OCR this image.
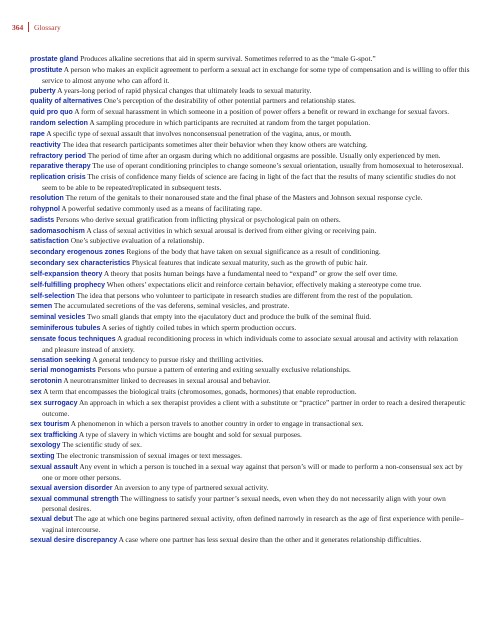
364 Glossary

prostate gland Produces alkaline secretions that aid in sperm survival. Sometimes referred to as the “male G-spot.”

prostitute A person who makes an explicit agreement to perform a sexual act in exchange for some type of compensation and is willing to offer this service to almost anyone who can afford it.

puberty A years-long period of rapid physical changes that ultimately leads to sexual maturity.

quality of alternatives One’s perception of the desirability of other potential partners and relationship states.

quid pro quo A form of sexual harassment in which someone in a position of power offers a benefit or reward in exchange for sexual favors.

random selection A sampling procedure in which participants are recruited at random from the target population.

rape A specific type of sexual assault that involves nonconsensual penetration of the vagina, anus, or mouth.

reactivity The idea that research participants sometimes alter their behavior when they know others are watching.

refractory period The period of time after an orgasm during which no additional orgasms are possible. Usually only experienced by men.

reparative therapy The use of operant conditioning principles to change someone’s sexual orientation, usually from homosexual to heterosexual.

replication crisis The crisis of confidence many fields of science are facing in light of the fact that the results of many scientific studies do not seem to be able to be repeated/replicated in subsequent tests.

resolution The return of the genitals to their nonaroused state and the final phase of the Masters and Johnson sexual response cycle.

rohypnol A powerful sedative commonly used as a means of facilitating rape.

sadists Persons who derive sexual gratification from inflicting physical or psychological pain on others.

sadomasochism A class of sexual activities in which sexual arousal is derived from either giving or receiving pain.

satisfaction One’s subjective evaluation of a relationship.

secondary erogenous zones Regions of the body that have taken on sexual significance as a result of conditioning.

secondary sex characteristics Physical features that indicate sexual maturity, such as the growth of pubic hair.

self-expansion theory A theory that posits human beings have a fundamental need to “expand” or grow the self over time.

self-fulfilling prophecy When others’ expectations elicit and reinforce certain behavior, effectively making a stereotype come true.

self-selection The idea that persons who volunteer to participate in research studies are different from the rest of the population.

semen The accumulated secretions of the vas deferens, seminal vesicles, and prostrate.

seminal vesicles Two small glands that empty into the ejaculatory duct and produce the bulk of the seminal fluid.

seminiferous tubules A series of tightly coiled tubes in which sperm production occurs.

sensate focus techniques A gradual reconditioning process in which individuals come to associate sexual arousal and activity with relaxation and pleasure instead of anxiety.

sensation seeking A general tendency to pursue risky and thrilling activities.

serial monogamists Persons who pursue a pattern of entering and exiting sexually exclusive relationships.

serotonin A neurotransmitter linked to decreases in sexual arousal and behavior.

sex A term that encompasses the biological traits (chromosomes, gonads, hormones) that enable reproduction.

sex surrogacy An approach in which a sex therapist provides a client with a substitute or “practice” partner in order to reach a desired therapeutic outcome.

sex tourism A phenomenon in which a person travels to another country in order to engage in transactional sex.

sex trafficking A type of slavery in which victims are bought and sold for sexual purposes.

sexology The scientific study of sex.

sexting The electronic transmission of sexual images or text messages.

sexual assault Any event in which a person is touched in a sexual way against that person’s will or made to perform a non-consensual sex act by one or more other persons.

sexual aversion disorder An aversion to any type of partnered sexual activity.

sexual communal strength The willingness to satisfy your partner’s sexual needs, even when they do not necessarily align with your own personal desires.

sexual debut The age at which one begins partnered sexual activity, often defined narrowly in research as the age of first experience with penile–vaginal intercourse.

sexual desire discrepancy A case where one partner has less sexual desire than the other and it generates relationship difficulties.
